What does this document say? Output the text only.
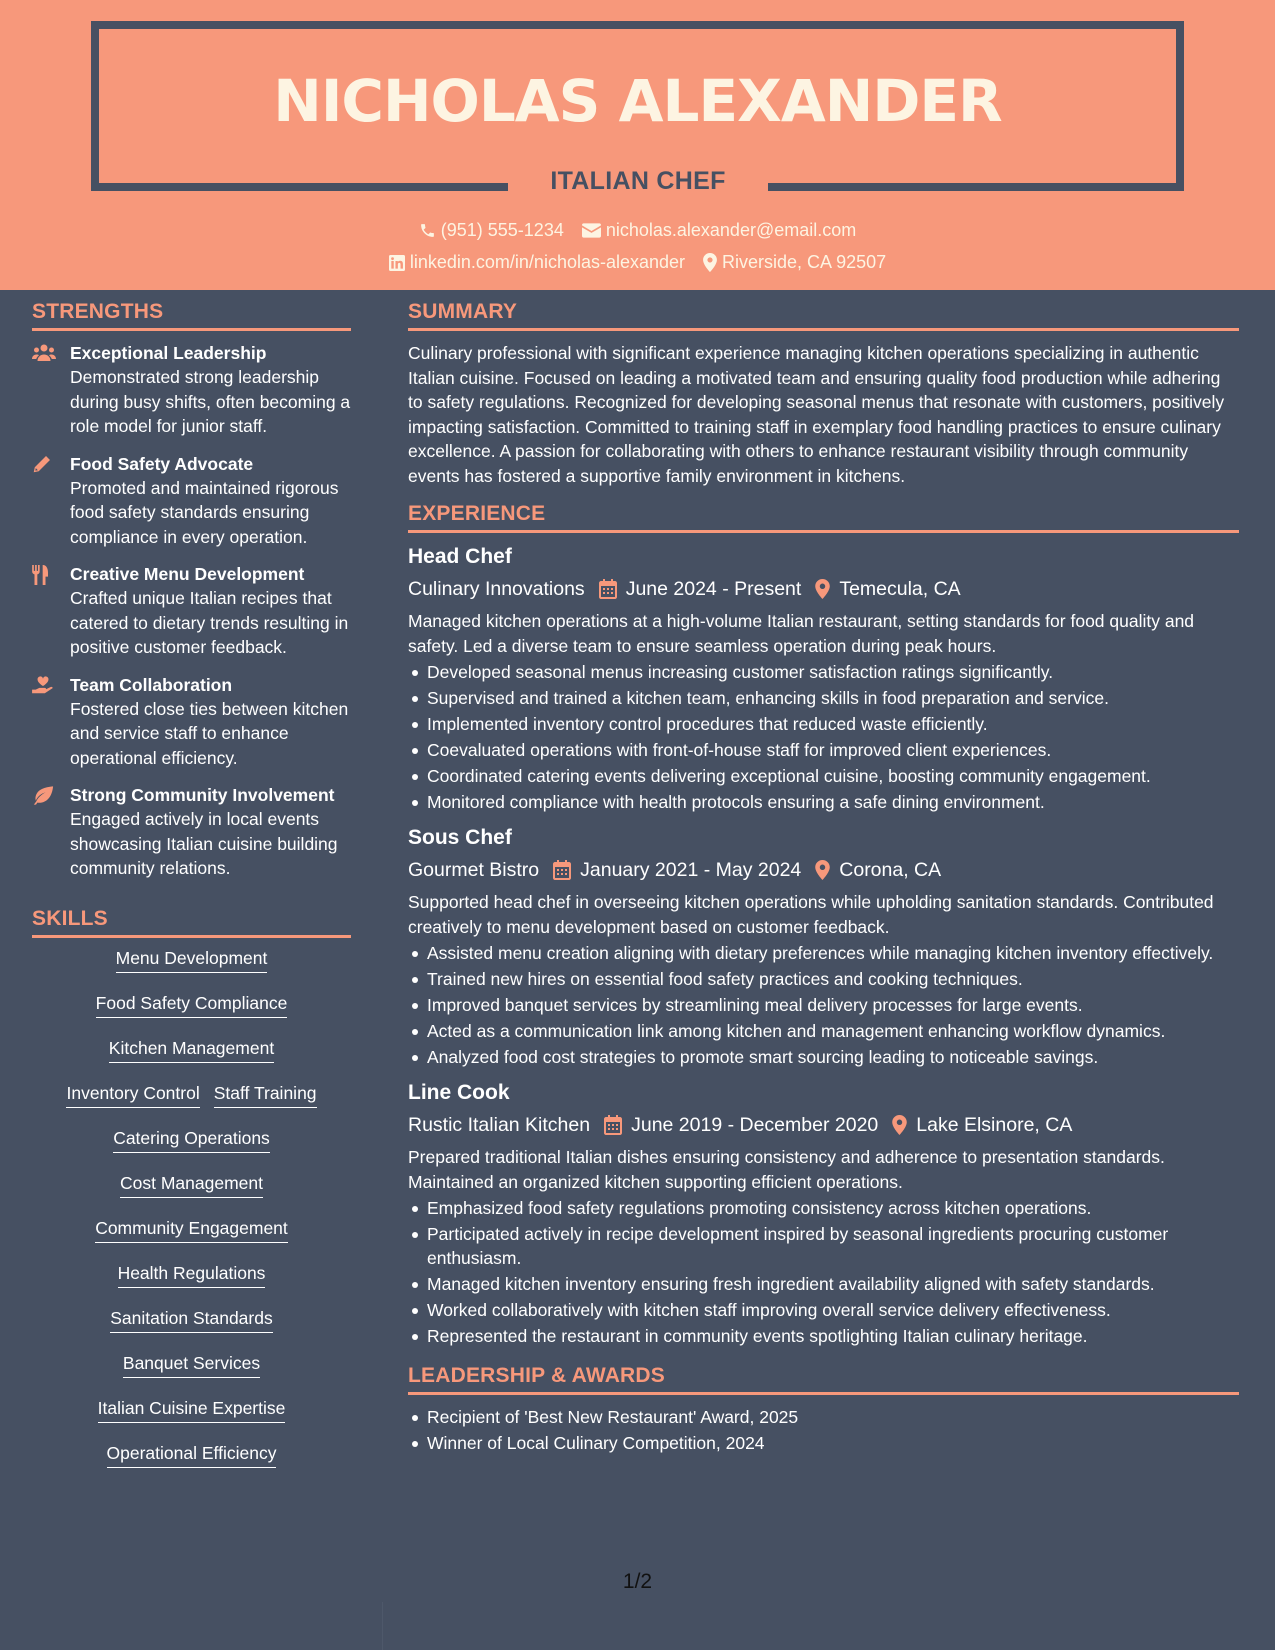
NICHOLAS ALEXANDER
ITALIAN CHEF
(951) 555-1234 nicholas.alexander@email.com
linkedin.com/in/nicholas-alexander Riverside, CA 92507
STRENGTHS
Exceptional Leadership
Demonstrated strong leadership during busy shifts, often becoming a role model for junior staff.
Food Safety Advocate
Promoted and maintained rigorous food safety standards ensuring compliance in every operation.
Creative Menu Development
Crafted unique Italian recipes that catered to dietary trends resulting in positive customer feedback.
Team Collaboration
Fostered close ties between kitchen and service staff to enhance operational efficiency.
Strong Community Involvement
Engaged actively in local events showcasing Italian cuisine building community relations.
SKILLS
Menu Development
Food Safety Compliance
Kitchen Management
Inventory Control Staff Training
Catering Operations
Cost Management
Community Engagement
Health Regulations
Sanitation Standards
Banquet Services
Italian Cuisine Expertise
Operational Efficiency
SUMMARY
Culinary professional with significant experience managing kitchen operations specializing in authentic Italian cuisine. Focused on leading a motivated team and ensuring quality food production while adhering to safety regulations. Recognized for developing seasonal menus that resonate with customers, positively impacting satisfaction. Committed to training staff in exemplary food handling practices to ensure culinary excellence. A passion for collaborating with others to enhance restaurant visibility through community events has fostered a supportive family environment in kitchens.
EXPERIENCE
Head Chef
Culinary Innovations June 2024 - Present Temecula, CA
Managed kitchen operations at a high-volume Italian restaurant, setting standards for food quality and safety. Led a diverse team to ensure seamless operation during peak hours.
Developed seasonal menus increasing customer satisfaction ratings significantly.
Supervised and trained a kitchen team, enhancing skills in food preparation and service.
Implemented inventory control procedures that reduced waste efficiently.
Coevaluated operations with front-of-house staff for improved client experiences.
Coordinated catering events delivering exceptional cuisine, boosting community engagement.
Monitored compliance with health protocols ensuring a safe dining environment.
Sous Chef
Gourmet Bistro January 2021 - May 2024 Corona, CA
Supported head chef in overseeing kitchen operations while upholding sanitation standards. Contributed creatively to menu development based on customer feedback.
Assisted menu creation aligning with dietary preferences while managing kitchen inventory effectively.
Trained new hires on essential food safety practices and cooking techniques.
Improved banquet services by streamlining meal delivery processes for large events.
Acted as a communication link among kitchen and management enhancing workflow dynamics.
Analyzed food cost strategies to promote smart sourcing leading to noticeable savings.
Line Cook
Rustic Italian Kitchen June 2019 - December 2020 Lake Elsinore, CA
Prepared traditional Italian dishes ensuring consistency and adherence to presentation standards. Maintained an organized kitchen supporting efficient operations.
Emphasized food safety regulations promoting consistency across kitchen operations.
Participated actively in recipe development inspired by seasonal ingredients procuring customer enthusiasm.
Managed kitchen inventory ensuring fresh ingredient availability aligned with safety standards.
Worked collaboratively with kitchen staff improving overall service delivery effectiveness.
Represented the restaurant in community events spotlighting Italian culinary heritage.
LEADERSHIP & AWARDS
Recipient of 'Best New Restaurant' Award, 2025
Winner of Local Culinary Competition, 2024
1/2
